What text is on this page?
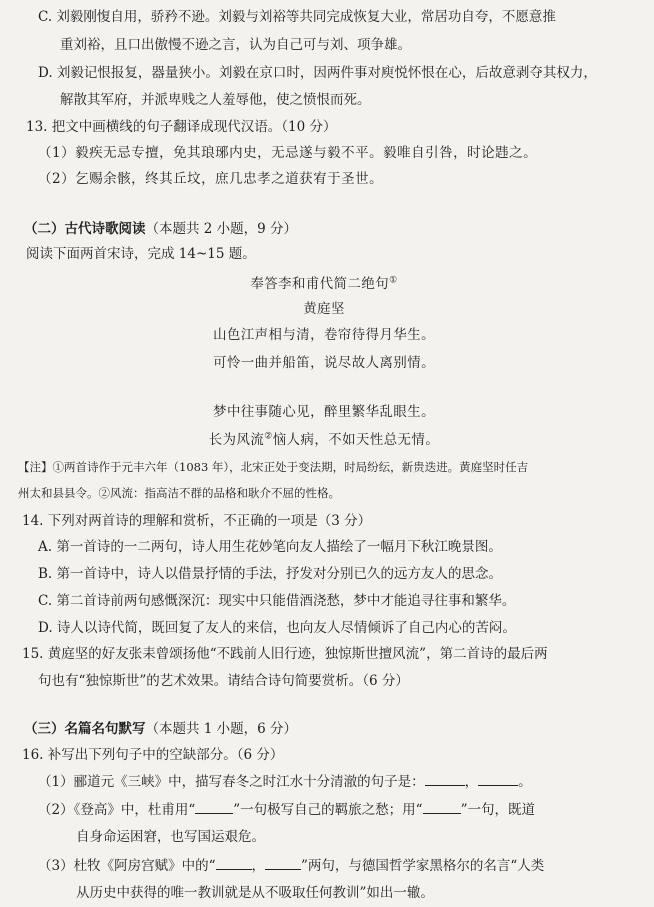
C. 刘毅刚愎自用，骄矜不逊。刘毅与刘裕等共同完成恢复大业，常居功自夸，不愿意推
重刘裕，且口出傲慢不逊之言，认为自己可与刘、项争雄。
D. 刘毅记恨报复，器量狭小。刘毅在京口时，因两件事对庾悦怀恨在心，后故意剥夺其权力，
解散其军府，并派卑贱之人羞辱他，使之愤恨而死。
13. 把文中画横线的句子翻译成现代汉语。（10 分）
（1）毅疾无忌专擅，免其琅琊内史，无忌遂与毅不平。毅唯自引咎，时论韪之。
（2）乞赐余骸，终其丘坟，庶几忠孝之道获宥于圣世。
（二）古代诗歌阅读（本题共 2 小题，9 分）
阅读下面两首宋诗，完成 14~15 题。
奉答李和甫代简二绝句①
黄庭坚
山色江声相与清，卷帘待得月华生。
可怜一曲并船笛，说尽故人离别情。
梦中往事随心见，醉里繁华乱眼生。
长为风流②恼人病，不如天性总无情。
【注】①两首诗作于元丰六年（1083 年），北宋正处于变法期，时局纷纭，新贵迭进。黄庭坚时任吉
州太和县县令。②风流：指高洁不群的品格和耿介不屈的性格。
14. 下列对两首诗的理解和赏析，不正确的一项是（3 分）
A. 第一首诗的一二两句，诗人用生花妙笔向友人描绘了一幅月下秋江晚景图。
B. 第一首诗中，诗人以借景抒情的手法，抒发对分别已久的远方友人的思念。
C. 第二首诗前两句感慨深沉：现实中只能借酒浇愁，梦中才能追寻往事和繁华。
D. 诗人以诗代简，既回复了友人的来信，也向友人尽情倾诉了自己内心的苦闷。
15. 黄庭坚的好友张耒曾颂扬他“不践前人旧行迹，独惊斯世擅风流”，第二首诗的最后两
句也有“独惊斯世”的艺术效果。请结合诗句简要赏析。（6 分）
（三）名篇名句默写（本题共 1 小题，6 分）
16. 补写出下列句子中的空缺部分。（6 分）
（1）郦道元《三峡》中，描写春冬之时江水十分清澈的句子是：	，	。
（2）《登高》中，杜甫用“	”一句极写自己的羁旅之愁；用“	”一句，既道
自身命运困窘，也写国运艰危。
（3）杜牧《阿房宫赋》中的“	，	”两句，与德国哲学家黑格尔的名言“人类
从历史中获得的唯一教训就是从不吸取任何教训”如出一辙。
